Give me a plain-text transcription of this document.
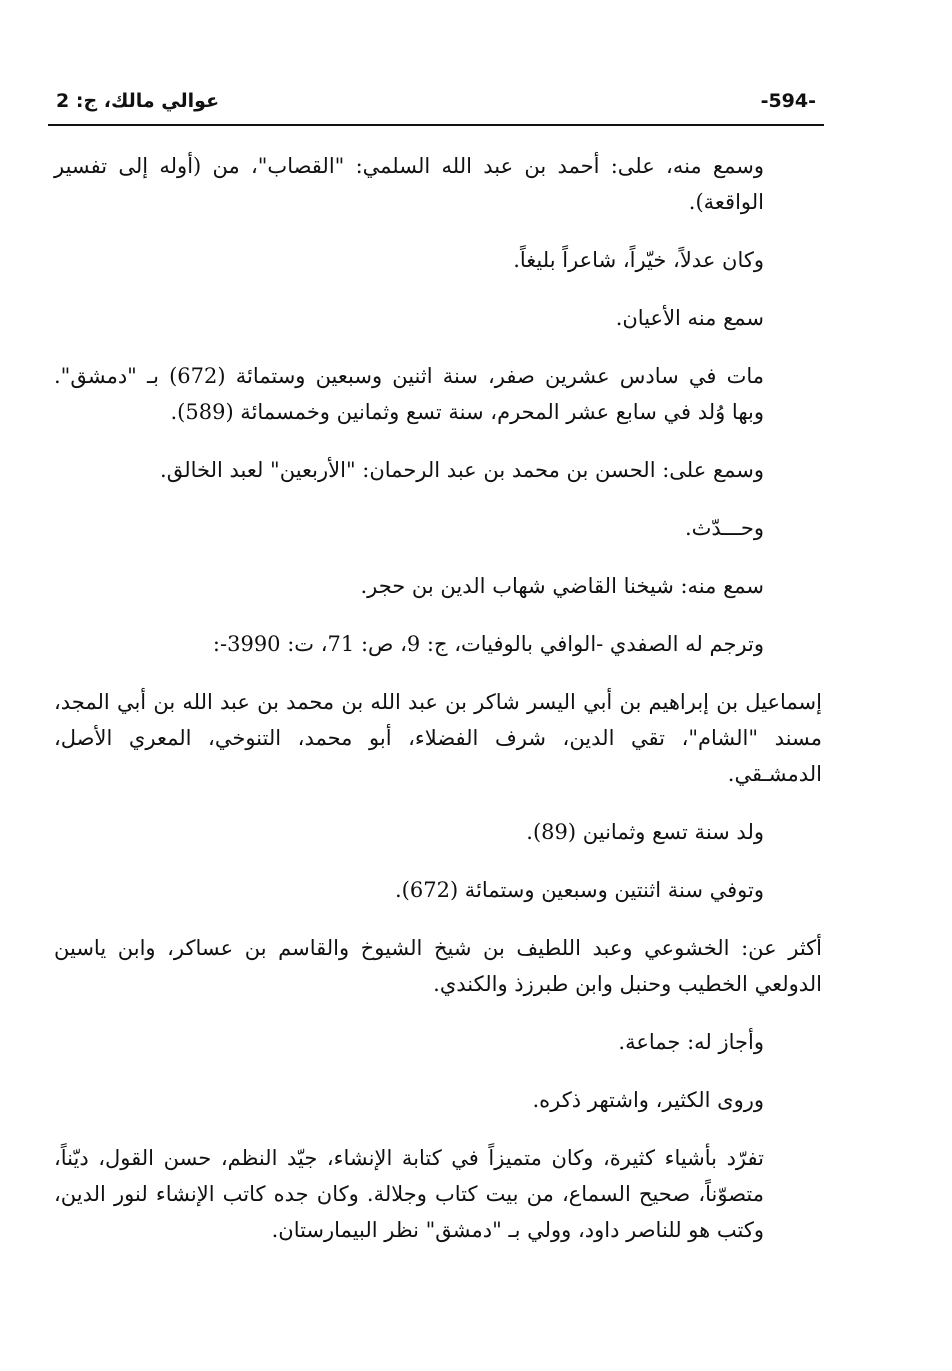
عوالي مالك، ج: 2	-594-

وسمع منه، على: أحمد بن عبد الله السلمي: "القصاب"، من (أوله إلى تفسير الواقعة).

وكان عدلاً، خيّراً، شاعراً بليغاً.

سمع منه الأعيان.

مات في سادس عشرين صفر، سنة اثنين وسبعين وستمائة (672) بـ "دمشق". وبها وُلد في سابع عشر المحرم، سنة تسع وثمانين وخمسمائة (589).

وسمع على: الحسن بن محمد بن عبد الرحمان: "الأربعين" لعبد الخالق.

وحـــدّث.

سمع منه: شيخنا القاضي شهاب الدين بن حجر.

وترجم له الصفدي -الوافي بالوفيات، ج: 9، ص: 71، ت: 3990-:

إسماعيل بن إبراهيم بن أبي اليسر شاكر بن عبد الله بن محمد بن عبد الله بن أبي المجد، مسند "الشام"، تقي الدين، شرف الفضلاء، أبو محمد، التنوخي، المعري الأصل، الدمشـقي.

ولد سنة تسع وثمانين (89).

وتوفي سنة اثنتين وسبعين وستمائة (672).

أكثر عن: الخشوعي وعبد اللطيف بن شيخ الشيوخ والقاسم بن عساكر، وابن ياسين الدولعي الخطيب وحنبل وابن طبرزذ والكندي.

وأجاز له: جماعة.

وروى الكثير، واشتهر ذكره.

تفرّد بأشياء كثيرة، وكان متميزاً في كتابة الإنشاء، جيّد النظم، حسن القول، ديّناً، متصوّناً، صحيح السماع، من بيت كتاب وجلالة. وكان جده كاتب الإنشاء لنور الدين، وكتب هو للناصر داود، وولي بـ "دمشق" نظر البيمارستان.
